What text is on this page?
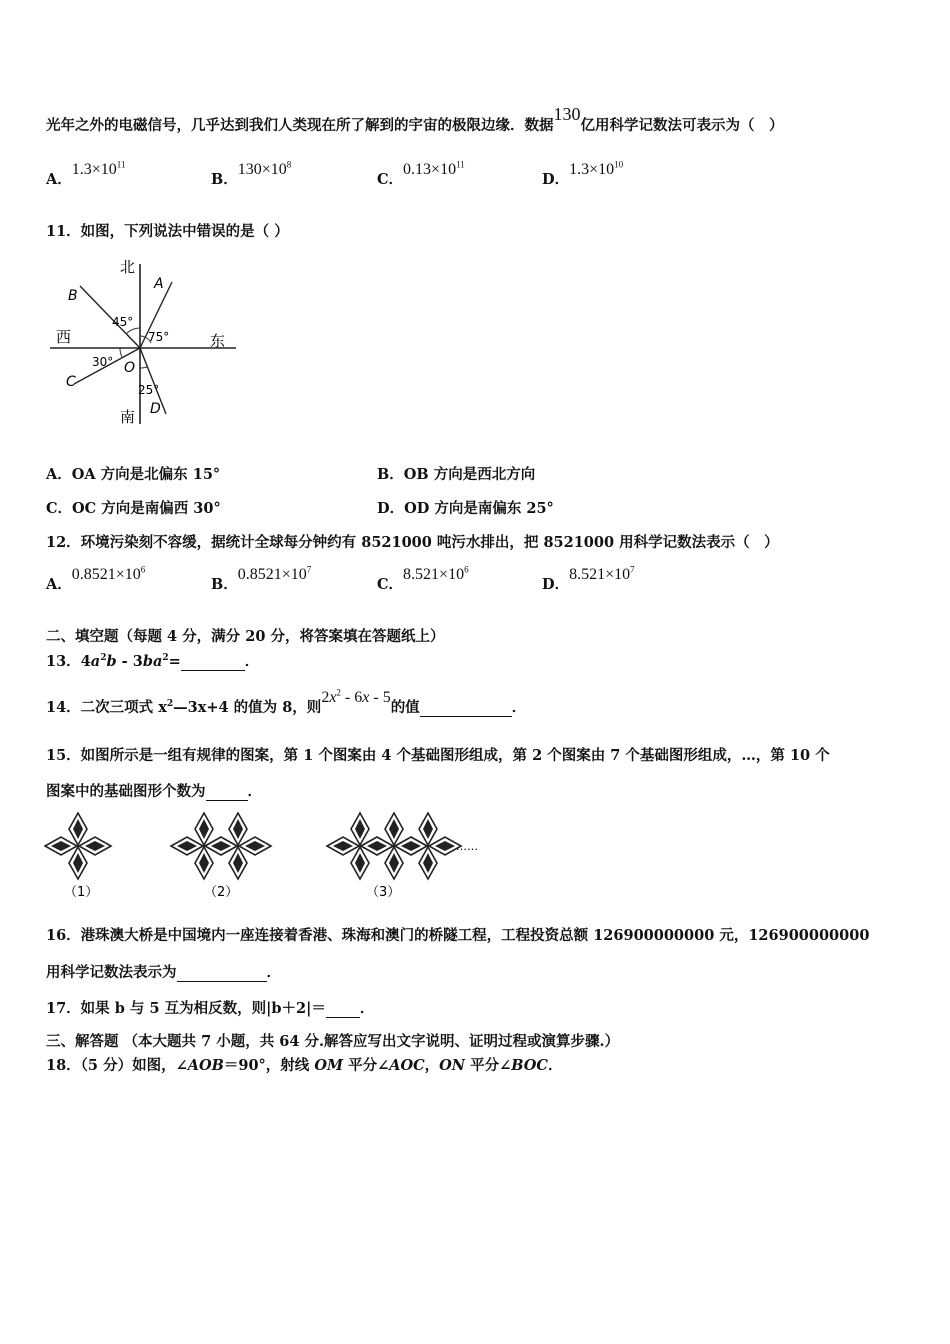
光年之外的电磁信号，几乎达到我们人类现在所了解到的宇宙的极限边缘．数据130亿用科学记数法可表示为（　）
A．$1.3\times 10^{11}$
B．$130\times 10^8$
C．$0.13\times 10^{11}$
D．$1.3\times 10^{10}$
11．如图，下列说法中错误的是（ ）
北
南
西	东
A
B
C
D
O
45°
75°
30°
25°
A．OA 方向是北偏东 15°	B．OB 方向是西北方向
C．OC 方向是南偏西 30°	D．OD 方向是南偏东 25°
12．环境污染刻不容缓，据统计全球每分钟约有 8521000 吨污水排出，把 8521000 用科学记数法表示（　）
A．$0.8521\times 10^6$
B．$0.8521\times 10^7$
C．$8.521\times 10^6$
D．$8.521\times 10^7$
二、填空题（每题 4 分，满分 20 分，将答案填在答题纸上）
13．$4a^2b - 3ba^2=$	．
14．二次三项式 $x^2—3x+4$ 的值为 8，则$2x^2 - 6x - 5$的值	．
15．如图所示是一组有规律的图案，第 1 个图案由 4 个基础图形组成，第 2 个图案由 7 个基础图形组成，…，第 10 个
图案中的基础图形个数为	．
……
（1）	（2）	（3）
16．港珠澳大桥是中国境内一座连接着香港、珠海和澳门的桥隧工程，工程投资总额 126900000000 元，126900000000
用科学记数法表示为	．
17．如果 b 与 5 互为相反数，则|b＋2|＝ ．
三、解答题 （本大题共 7 小题，共 64 分.解答应写出文字说明、证明过程或演算步骤.）
18．（5 分）如图，∠AOB＝90°，射线 OM 平分∠AOC，ON 平分∠BOC．
